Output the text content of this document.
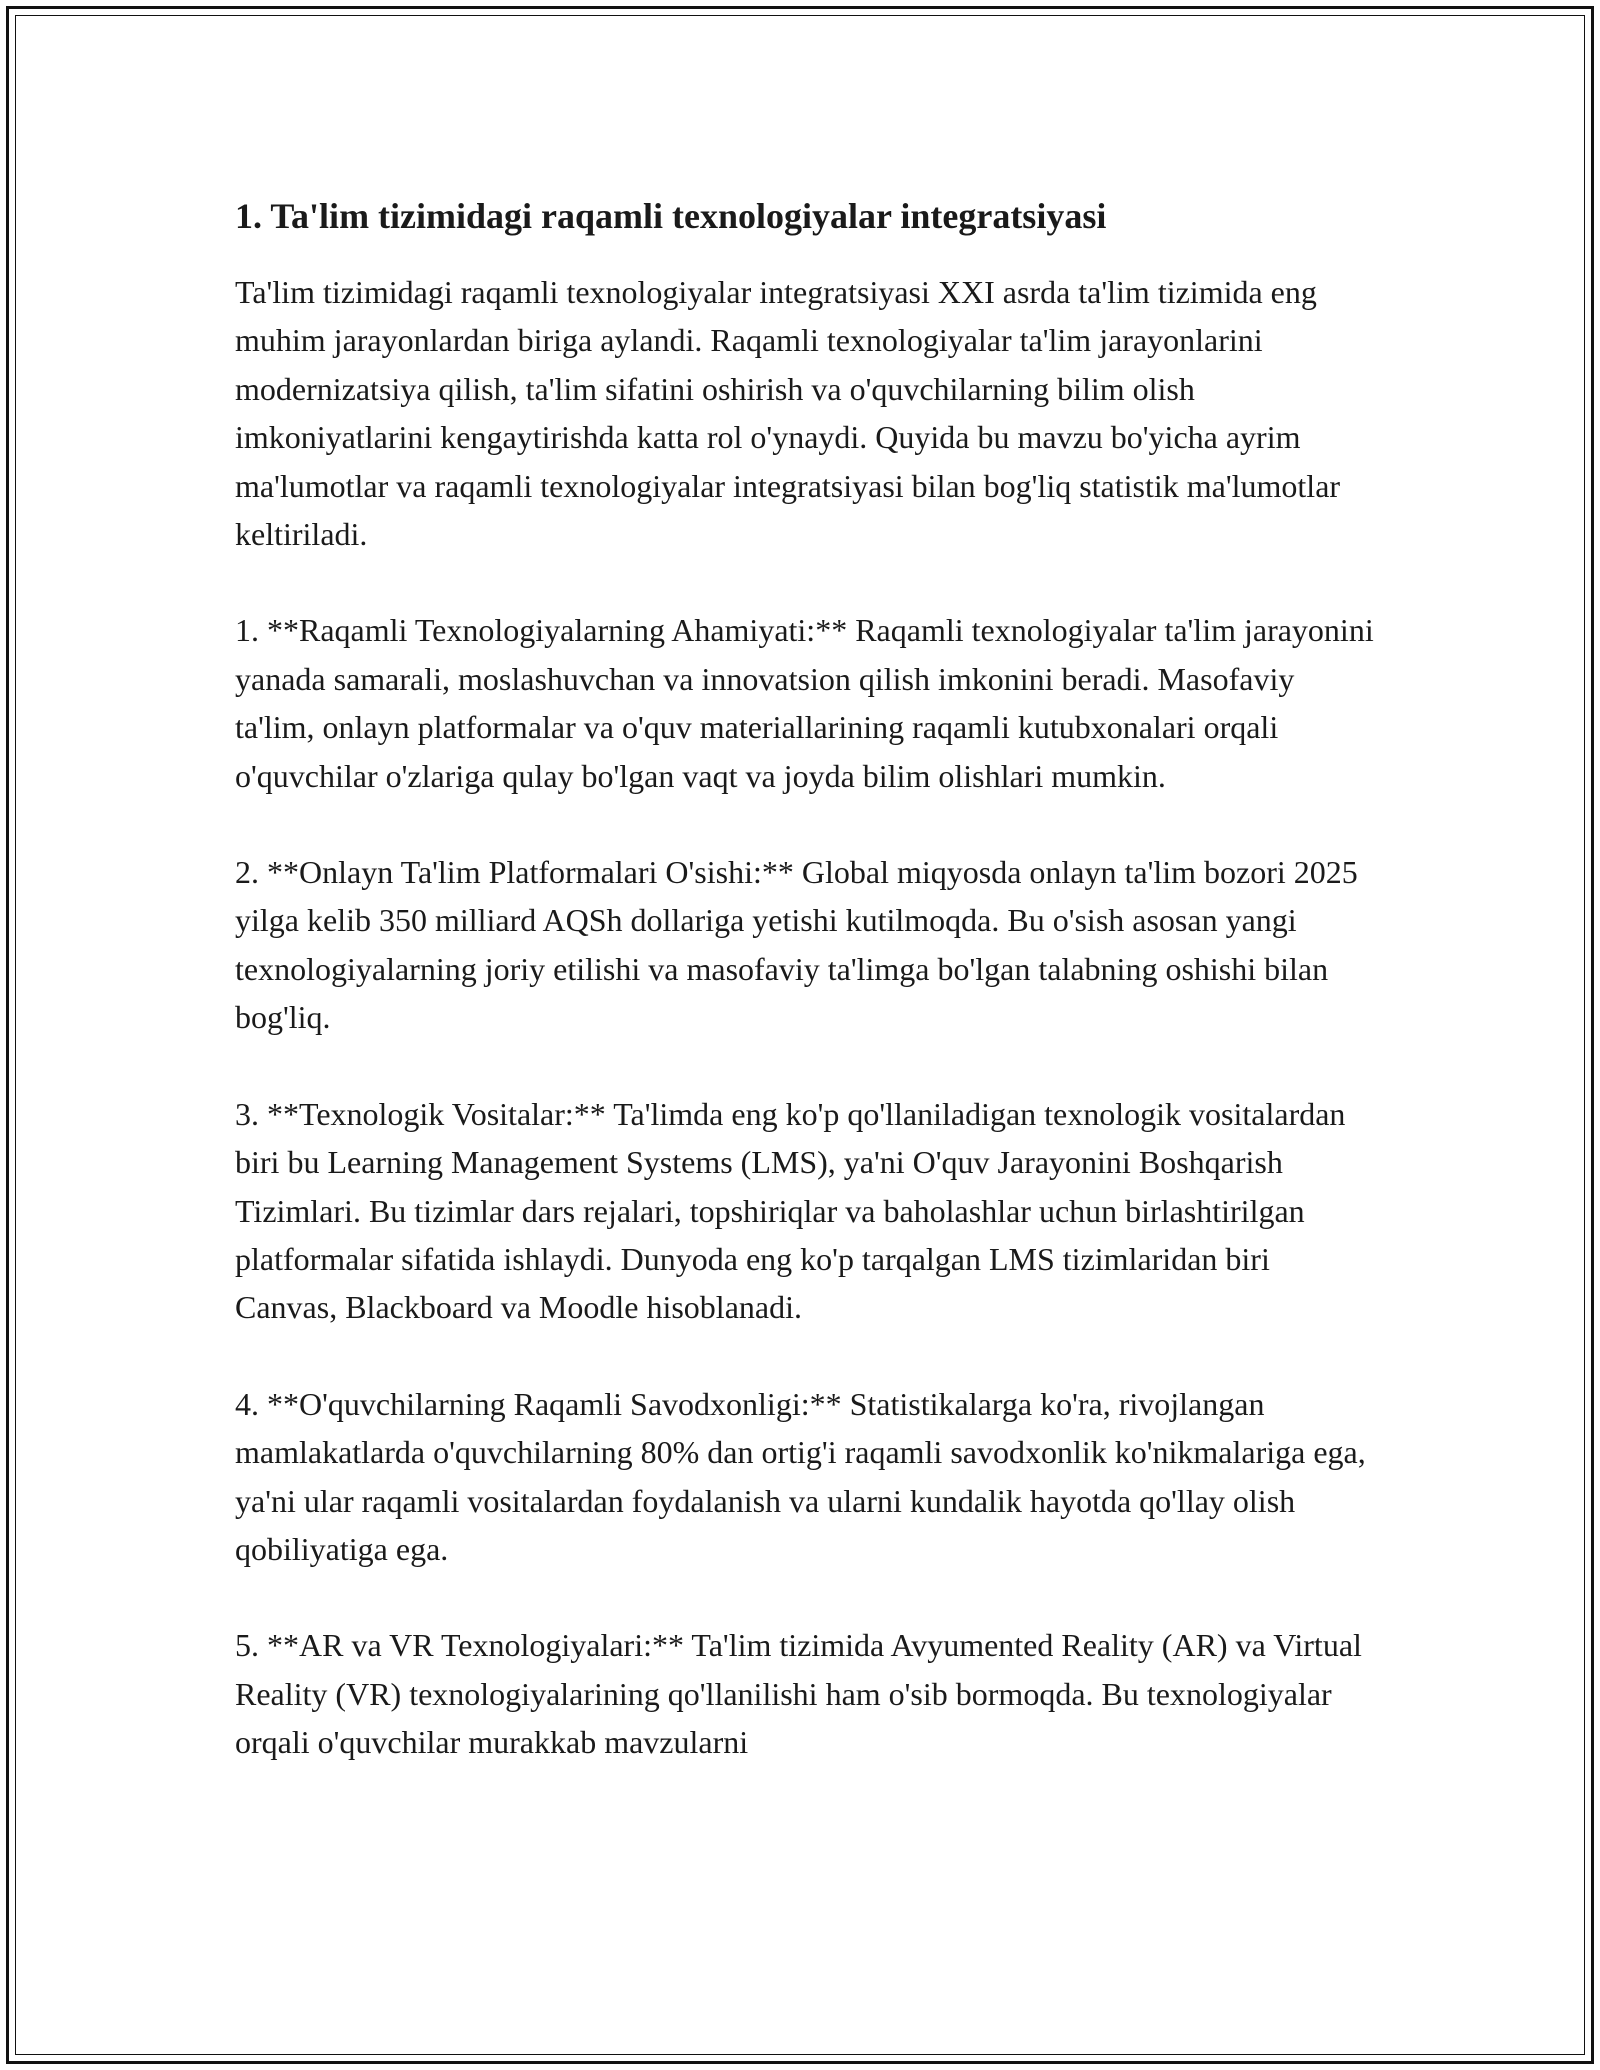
1. Ta'lim tizimidagi raqamli texnologiyalar integratsiyasi

Ta'lim tizimidagi raqamli texnologiyalar integratsiyasi XXI asrda ta'lim tizimida eng muhim jarayonlardan biriga aylandi. Raqamli texnologiyalar ta'lim jarayonlarini modernizatsiya qilish, ta'lim sifatini oshirish va o'quvchilarning bilim olish imkoniyatlarini kengaytirishda katta rol o'ynaydi. Quyida bu mavzu bo'yicha ayrim ma'lumotlar va raqamli texnologiyalar integratsiyasi bilan bog'liq statistik ma'lumotlar keltiriladi.

1. **Raqamli Texnologiyalarning Ahamiyati:** Raqamli texnologiyalar ta'lim jarayonini yanada samarali, moslashuvchan va innovatsion qilish imkonini beradi. Masofaviy ta'lim, onlayn platformalar va o'quv materiallarining raqamli kutubxonalari orqali o'quvchilar o'zlariga qulay bo'lgan vaqt va joyda bilim olishlari mumkin.

2. **Onlayn Ta'lim Platformalari O'sishi:** Global miqyosda onlayn ta'lim bozori 2025 yilga kelib 350 milliard AQSh dollariga yetishi kutilmoqda. Bu o'sish asosan yangi texnologiyalarning joriy etilishi va masofaviy ta'limga bo'lgan talabning oshishi bilan bog'liq.

3. **Texnologik Vositalar:** Ta'limda eng ko'p qo'llaniladigan texnologik vositalardan biri bu Learning Management Systems (LMS), ya'ni O'quv Jarayonini Boshqarish Tizimlari. Bu tizimlar dars rejalari, topshiriqlar va baholashlar uchun birlashtirilgan platformalar sifatida ishlaydi. Dunyoda eng ko'p tarqalgan LMS tizimlaridan biri Canvas, Blackboard va Moodle hisoblanadi.

4. **O'quvchilarning Raqamli Savodxonligi:** Statistikalarga ko'ra, rivojlangan mamlakatlarda o'quvchilarning 80% dan ortig'i raqamli savodxonlik ko'nikmalariga ega, ya'ni ular raqamli vositalardan foydalanish va ularni kundalik hayotda qo'llay olish qobiliyatiga ega.

5. **AR va VR Texnologiyalari:** Ta'lim tizimida Avyumented Reality (AR) va Virtual Reality (VR) texnologiyalarining qo'llanilishi ham o'sib bormoqda. Bu texnologiyalar orqali o'quvchilar murakkab mavzularni
